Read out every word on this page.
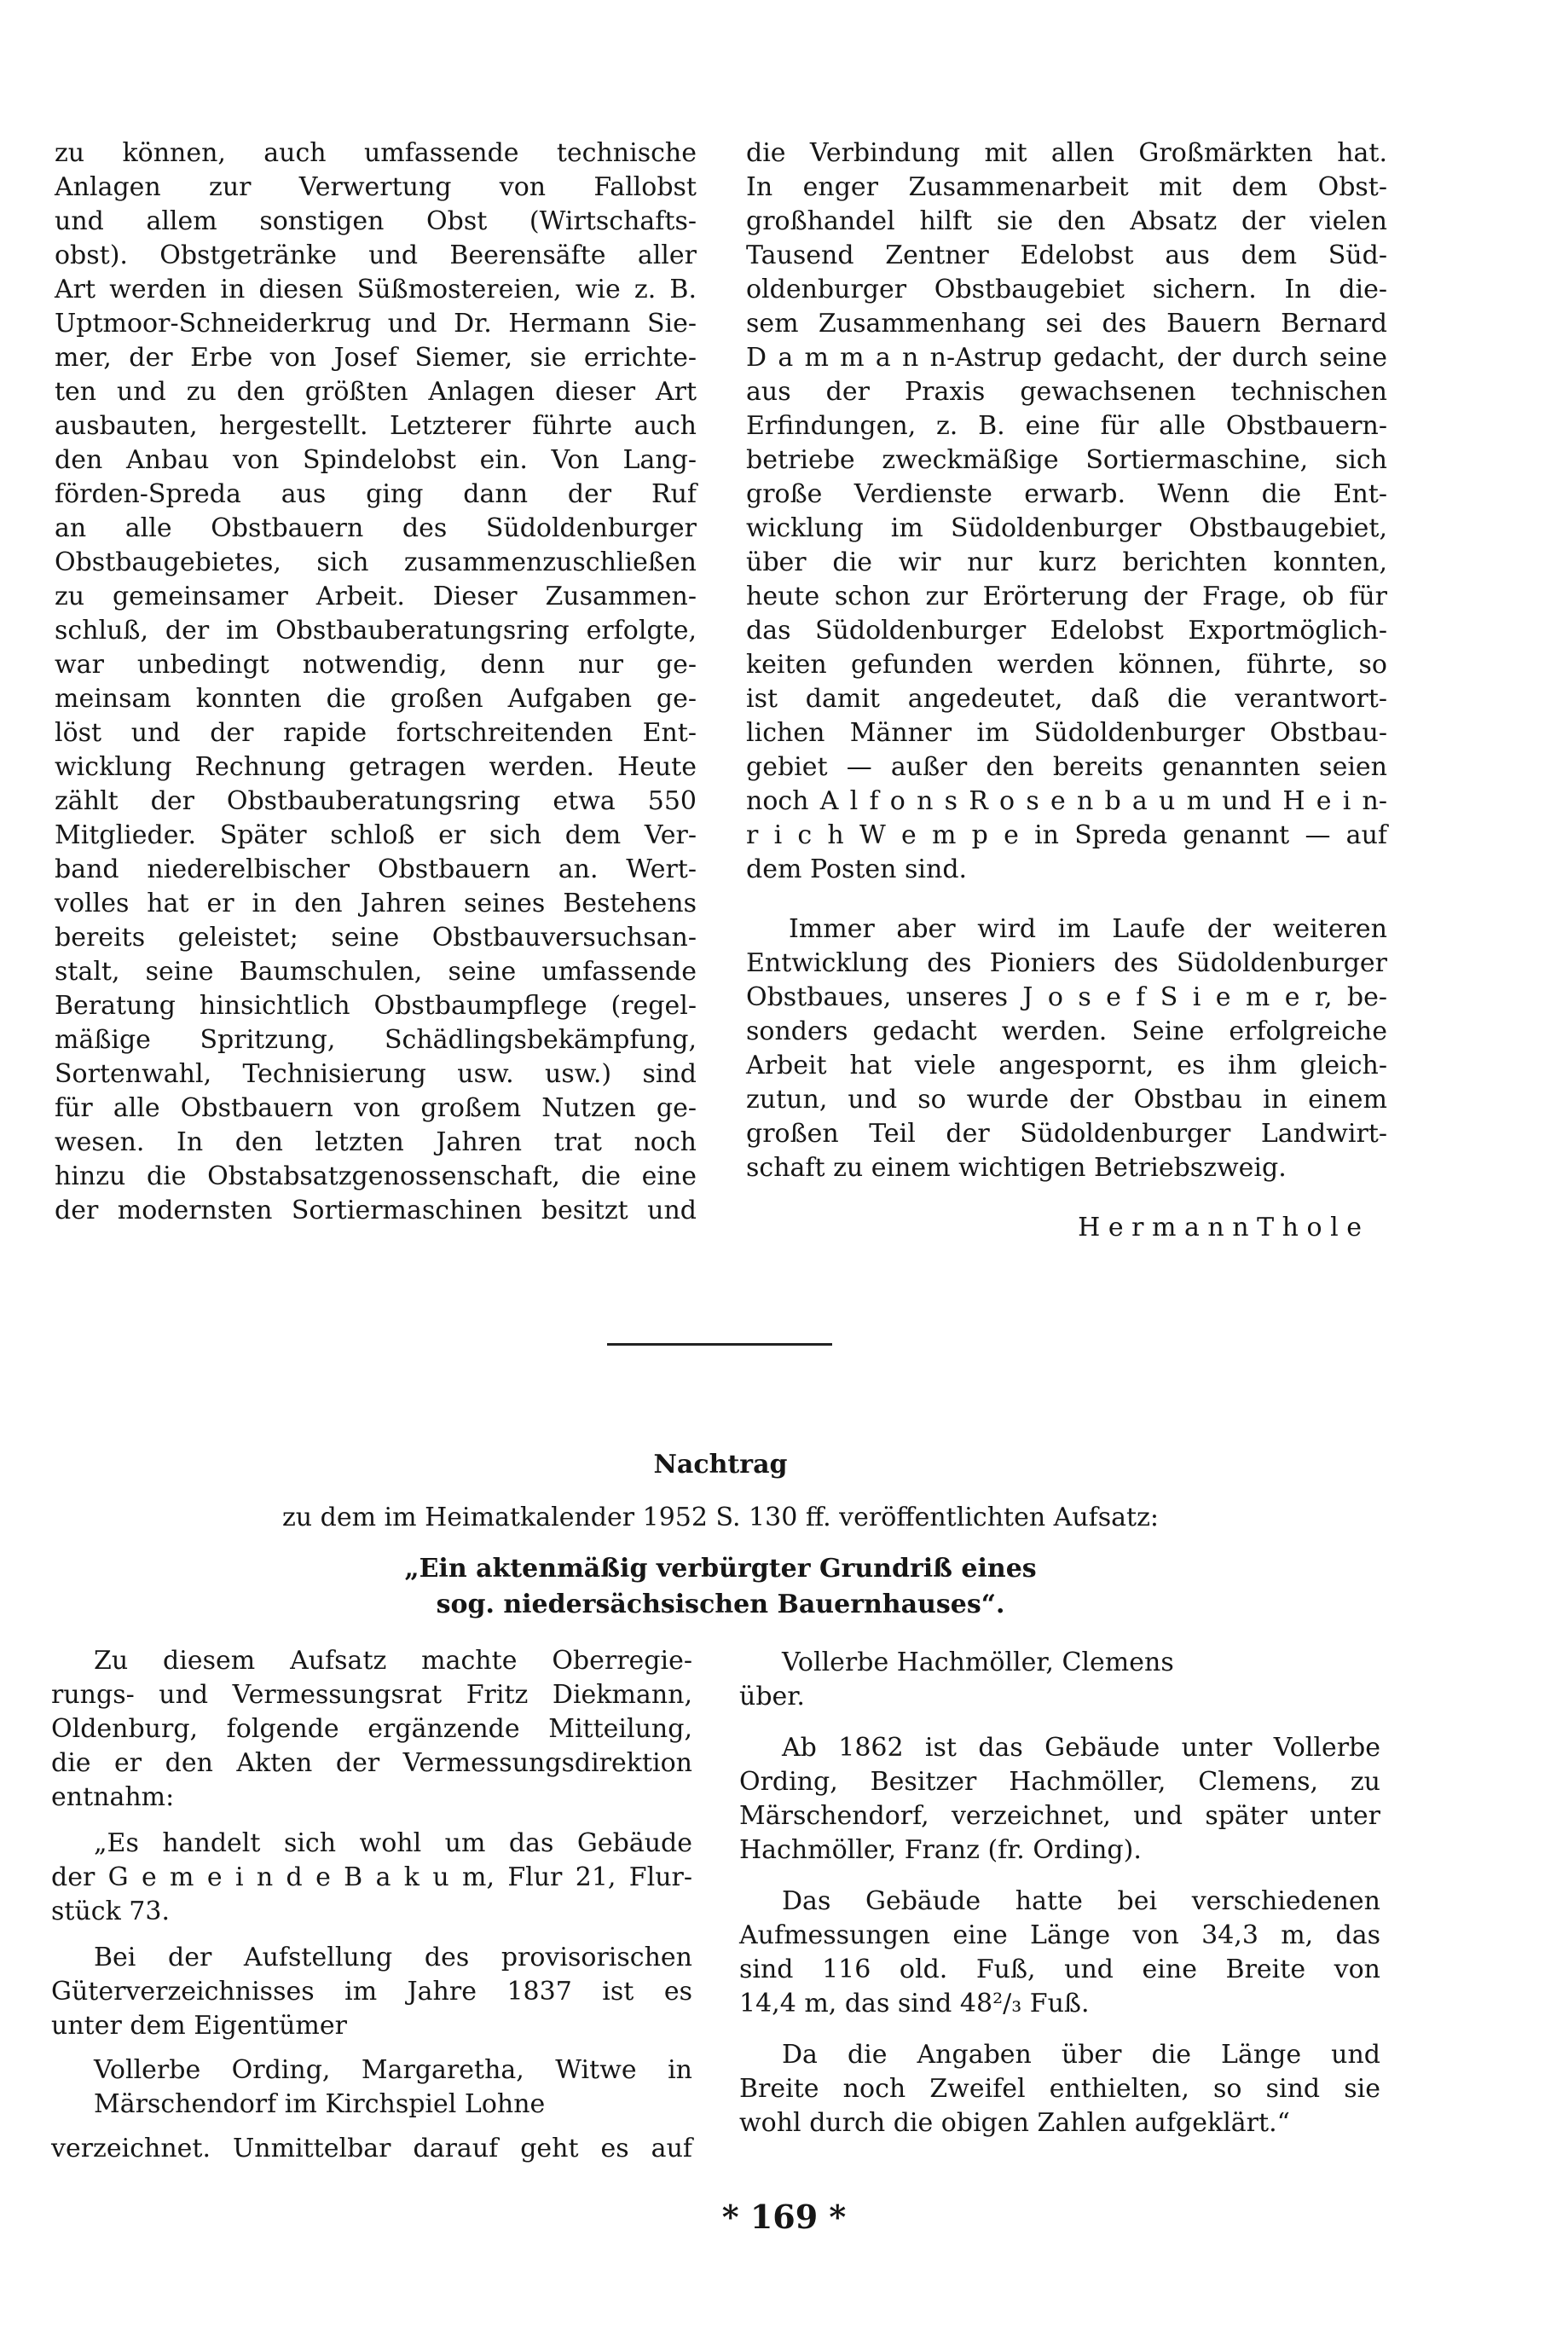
zu können, auch umfassende technische
Anlagen zur Verwertung von Fallobst
und allem sonstigen Obst (Wirtschafts-
obst). Obstgetränke und Beerensäfte aller
Art werden in diesen Süßmostereien, wie z. B.
Uptmoor-Schneiderkrug und Dr. Hermann Sie-
mer, der Erbe von Josef Siemer, sie errichte-
ten und zu den größten Anlagen dieser Art
ausbauten, hergestellt. Letzterer führte auch
den Anbau von Spindelobst ein. Von Lang-
förden-Spreda aus ging dann der Ruf
an alle Obstbauern des Südoldenburger
Obstbaugebietes, sich zusammenzuschließen
zu gemeinsamer Arbeit. Dieser Zusammen-
schluß, der im Obstbauberatungsring erfolgte,
war unbedingt notwendig, denn nur ge-
meinsam konnten die großen Aufgaben ge-
löst und der rapide fortschreitenden Ent-
wicklung Rechnung getragen werden. Heute
zählt der Obstbauberatungsring etwa 550
Mitglieder. Später schloß er sich dem Ver-
band niederelbischer Obstbauern an. Wert-
volles hat er in den Jahren seines Bestehens
bereits geleistet; seine Obstbauversuchsan-
stalt, seine Baumschulen, seine umfassende
Beratung hinsichtlich Obstbaumpflege (regel-
mäßige Spritzung, Schädlingsbekämpfung,
Sortenwahl, Technisierung usw. usw.) sind
für alle Obstbauern von großem Nutzen ge-
wesen. In den letzten Jahren trat noch
hinzu die Obstabsatzgenossenschaft, die eine
der modernsten Sortiermaschinen besitzt und
die Verbindung mit allen Großmärkten hat.
In enger Zusammenarbeit mit dem Obst-
großhandel hilft sie den Absatz der vielen
Tausend Zentner Edelobst aus dem Süd-
oldenburger Obstbaugebiet sichern. In die-
sem Zusammenhang sei des Bauern Bernard
D a m m a n n-Astrup gedacht, der durch seine
aus der Praxis gewachsenen technischen
Erfindungen, z. B. eine für alle Obstbauern-
betriebe zweckmäßige Sortiermaschine, sich
große Verdienste erwarb. Wenn die Ent-
wicklung im Südoldenburger Obstbaugebiet,
über die wir nur kurz berichten konnten,
heute schon zur Erörterung der Frage, ob für
das Südoldenburger Edelobst Exportmöglich-
keiten gefunden werden können, führte, so
ist damit angedeutet, daß die verantwort-
lichen Männer im Südoldenburger Obstbau-
gebiet — außer den bereits genannten seien
noch A l f o n s R o s e n b a u m und H e i n-
r i c h W e m p e in Spreda genannt — auf
dem Posten sind.
Immer aber wird im Laufe der weiteren
Entwicklung des Pioniers des Südoldenburger
Obstbaues, unseres J o s e f S i e m e r, be-
sonders gedacht werden. Seine erfolgreiche
Arbeit hat viele angespornt, es ihm gleich-
zutun, und so wurde der Obstbau in einem
großen Teil der Südoldenburger Landwirt-
schaft zu einem wichtigen Betriebszweig.
H e r m a n n T h o l e
Nachtrag
zu dem im Heimatkalender 1952 S. 130 ff. veröffentlichten Aufsatz:
„Ein aktenmäßig verbürgter Grundriß eines
sog. niedersächsischen Bauernhauses“.
Zu diesem Aufsatz machte Oberregie-
rungs- und Vermessungsrat Fritz Diekmann,
Oldenburg, folgende ergänzende Mitteilung,
die er den Akten der Vermessungsdirektion
entnahm:
„Es handelt sich wohl um das Gebäude
der G e m e i n d e B a k u m, Flur 21, Flur-
stück 73.
Bei der Aufstellung des provisorischen
Güterverzeichnisses im Jahre 1837 ist es
unter dem Eigentümer
Vollerbe Ording, Margaretha, Witwe in
Märschendorf im Kirchspiel Lohne
verzeichnet. Unmittelbar darauf geht es auf
Vollerbe Hachmöller, Clemens
über.
Ab 1862 ist das Gebäude unter Vollerbe
Ording, Besitzer Hachmöller, Clemens, zu
Märschendorf, verzeichnet, und später unter
Hachmöller, Franz (fr. Ording).
Das Gebäude hatte bei verschiedenen
Aufmessungen eine Länge von 34,3 m, das
sind 116 old. Fuß, und eine Breite von
14,4 m, das sind 48²/₃ Fuß.
Da die Angaben über die Länge und
Breite noch Zweifel enthielten, so sind sie
wohl durch die obigen Zahlen aufgeklärt.“
* 169 *
